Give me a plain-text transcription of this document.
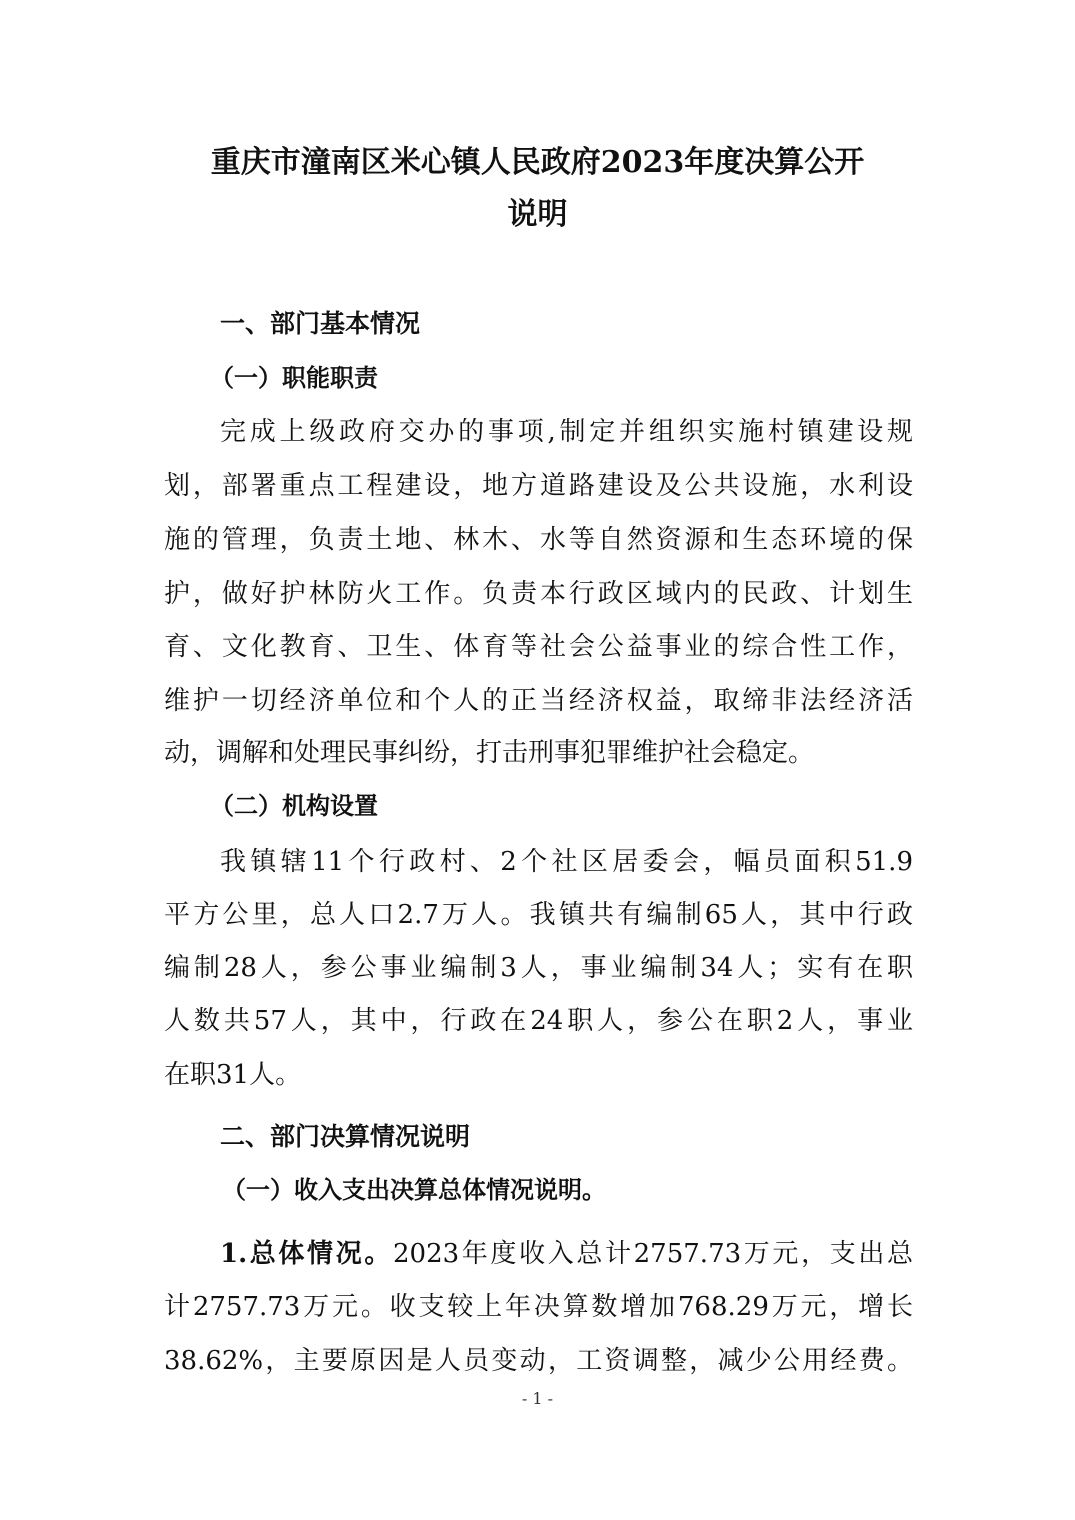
重庆市潼南区米心镇人民政府2023年度决算公开
说明
一、部门基本情况
（一）职能职责
完成上级政府交办的事项,制定并组织实施村镇建设规
划，部署重点工程建设，地方道路建设及公共设施，水利设
施的管理，负责土地、林木、水等自然资源和生态环境的保
护，做好护林防火工作。负责本行政区域内的民政、计划生
育、文化教育、卫生、体育等社会公益事业的综合性工作，
维护一切经济单位和个人的正当经济权益，取缔非法经济活
动，调解和处理民事纠纷，打击刑事犯罪维护社会稳定。
（二）机构设置
我镇辖11个行政村、2个社区居委会，幅员面积51.9
平方公里，总人口2.7万人。我镇共有编制65人，其中行政
编制28人，参公事业编制3人，事业编制34人；实有在职
人数共57人，其中，行政在24职人，参公在职2人，事业
在职31人。
二、部门决算情况说明
（一）收入支出决算总体情况说明。
1.总体情况。2023年度收入总计2757.73万元，支出总
计2757.73万元。收支较上年决算数增加768.29万元，增长
38.62%，主要原因是人员变动，工资调整，减少公用经费。
- 1 -
